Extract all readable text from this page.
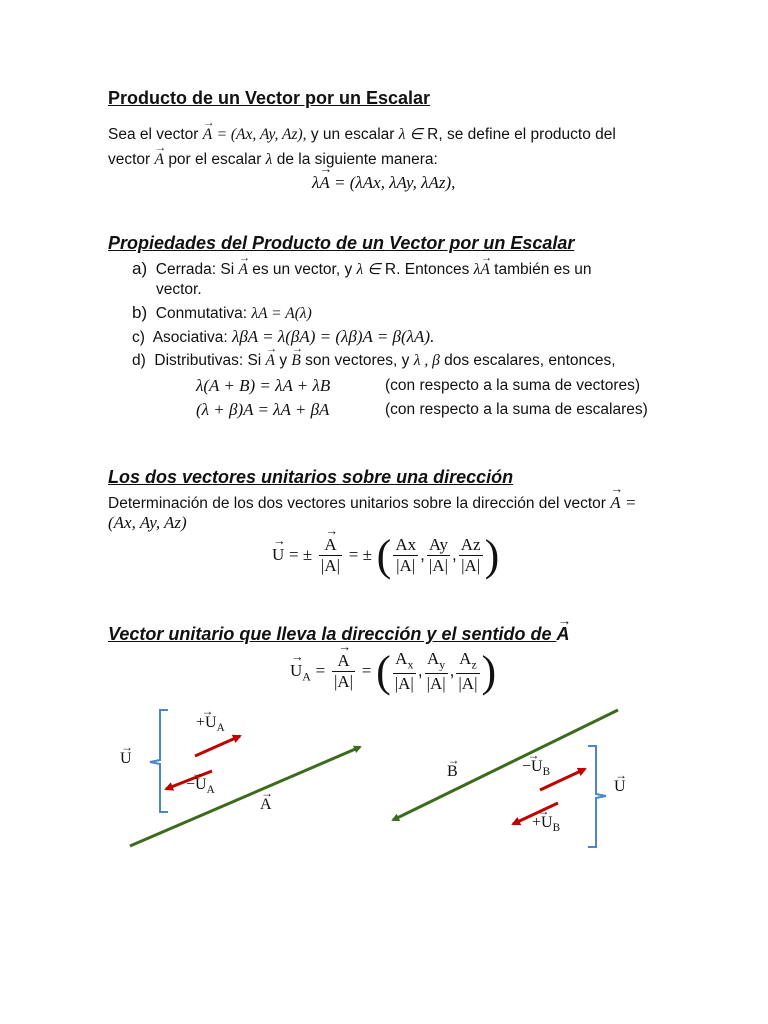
Producto de un Vector por un Escalar
Sea el vector → A = (Ax, Ay, Az), y un escalar λ ∈ R, se define el producto del
vector → A por el escalar λ de la siguiente manera:
λ→ A = (λAx, λAy, λAz),
Propiedades del Producto de un Vector por un Escalar
a) Cerrada: Si → A es un vector, y λ ∈ R. Entonces λ→ A también es un
vector.
b) Conmutativa: λA = A(λ)
c) Asociativa: λβA = λ(βA) = (λβ)A = β(λA).
d) Distributivas: Si → A y → B son vectores, y λ , β dos escalares, entonces,
λ(A + B) = λA + λB	(con respecto a la suma de vectores)
(λ + β)A = λA + βA	(con respecto a la suma de escalares)
Los dos vectores unitarios sobre una dirección
Determinación de los dos vectores unitarios sobre la dirección del vector → A =
(Ax, Ay, Az)
→ U = ± → $\frac{A}{|A|}$ = ± ( $\frac{Ax}{|A|}$ , $\frac{Ay}{|A|}$ , $\frac{Az}{|A|}$ )
Vector unitario que lleva la dirección y el sentido de → A
→ $U_A$ = → $\frac{A}{|A|}$ = ( $\frac{A_x}{|A|}$ , $\frac{A_y}{|A|}$ , $\frac{A_z}{|A|}$ )
→ U
→ $+U_A$
→ $-U_A$
→ A
→ B	→ $-U_B$
→ $+U_B$
→ U
